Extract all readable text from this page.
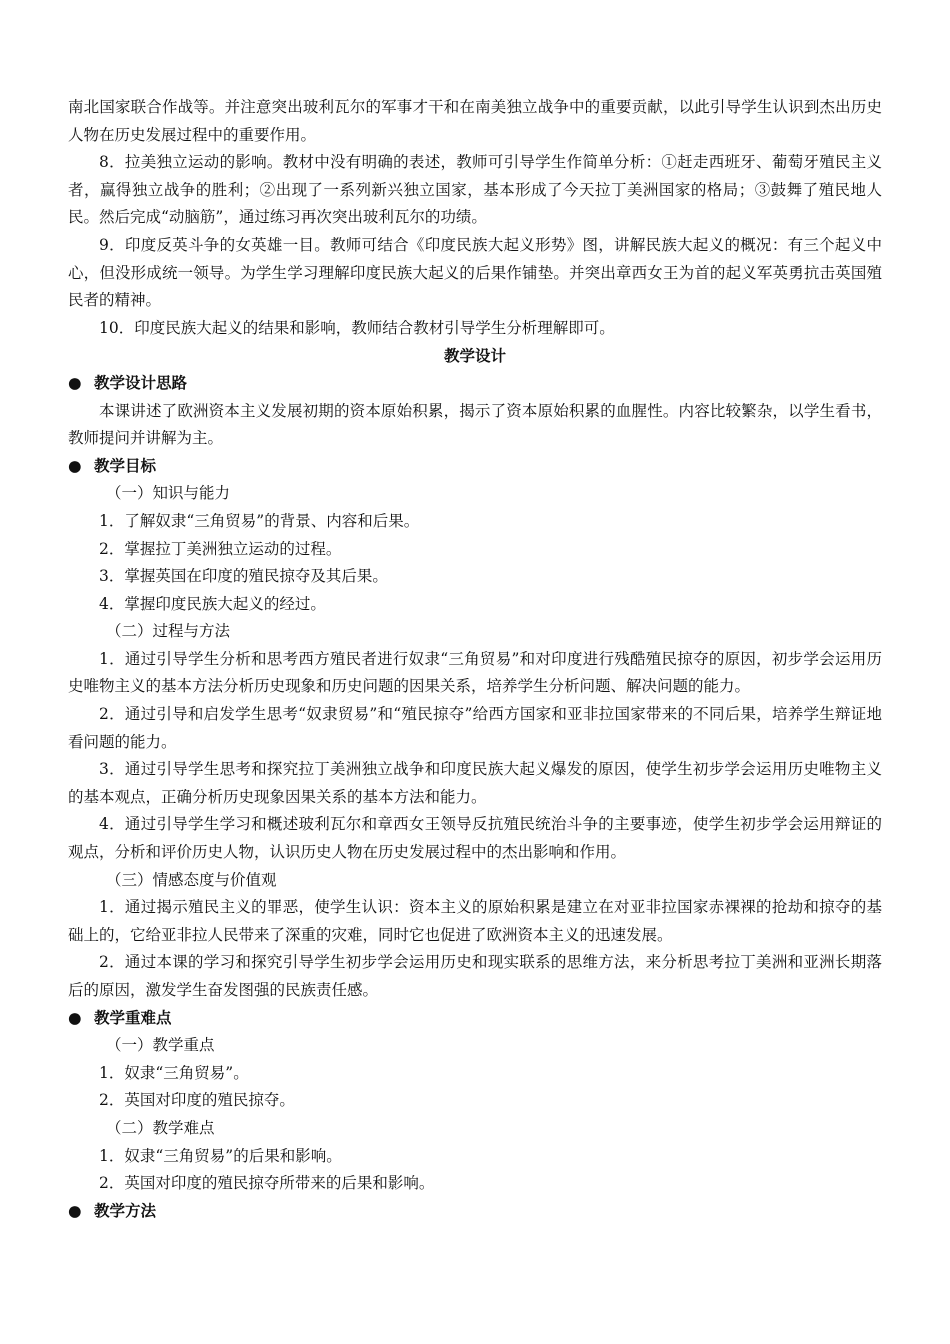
南北国家联合作战等。并注意突出玻利瓦尔的军事才干和在南美独立战争中的重要贡献，以此引导学生认识到杰出历史人物在历史发展过程中的重要作用。

8．拉美独立运动的影响。教材中没有明确的表述，教师可引导学生作简单分析：①赶走西班牙、葡萄牙殖民主义者，赢得独立战争的胜利；②出现了一系列新兴独立国家，基本形成了今天拉丁美洲国家的格局；③鼓舞了殖民地人民。然后完成“动脑筋”，通过练习再次突出玻利瓦尔的功绩。

9．印度反英斗争的女英雄一目。教师可结合《印度民族大起义形势》图，讲解民族大起义的概况：有三个起义中心，但没形成统一领导。为学生学习理解印度民族大起义的后果作铺垫。并突出章西女王为首的起义军英勇抗击英国殖民者的精神。

10．印度民族大起义的结果和影响，教师结合教材引导学生分析理解即可。

教学设计

● 教学设计思路

本课讲述了欧洲资本主义发展初期的资本原始积累，揭示了资本原始积累的血腥性。内容比较繁杂，以学生看书，教师提问并讲解为主。

● 教学目标

（一）知识与能力

1．了解奴隶“三角贸易”的背景、内容和后果。

2．掌握拉丁美洲独立运动的过程。

3．掌握英国在印度的殖民掠夺及其后果。

4．掌握印度民族大起义的经过。

（二）过程与方法

1．通过引导学生分析和思考西方殖民者进行奴隶“三角贸易”和对印度进行残酷殖民掠夺的原因，初步学会运用历史唯物主义的基本方法分析历史现象和历史问题的因果关系，培养学生分析问题、解决问题的能力。

2．通过引导和启发学生思考“奴隶贸易”和“殖民掠夺”给西方国家和亚非拉国家带来的不同后果，培养学生辩证地看问题的能力。

3．通过引导学生思考和探究拉丁美洲独立战争和印度民族大起义爆发的原因，使学生初步学会运用历史唯物主义的基本观点，正确分析历史现象因果关系的基本方法和能力。

4．通过引导学生学习和概述玻利瓦尔和章西女王领导反抗殖民统治斗争的主要事迹，使学生初步学会运用辩证的观点，分析和评价历史人物，认识历史人物在历史发展过程中的杰出影响和作用。

（三）情感态度与价值观

1．通过揭示殖民主义的罪恶，使学生认识：资本主义的原始积累是建立在对亚非拉国家赤裸裸的抢劫和掠夺的基础上的，它给亚非拉人民带来了深重的灾难，同时它也促进了欧洲资本主义的迅速发展。

2．通过本课的学习和探究引导学生初步学会运用历史和现实联系的思维方法，来分析思考拉丁美洲和亚洲长期落后的原因，激发学生奋发图强的民族责任感。

● 教学重难点

（一）教学重点

1．奴隶“三角贸易”。

2．英国对印度的殖民掠夺。

（二）教学难点

1．奴隶“三角贸易”的后果和影响。

2．英国对印度的殖民掠夺所带来的后果和影响。

● 教学方法
